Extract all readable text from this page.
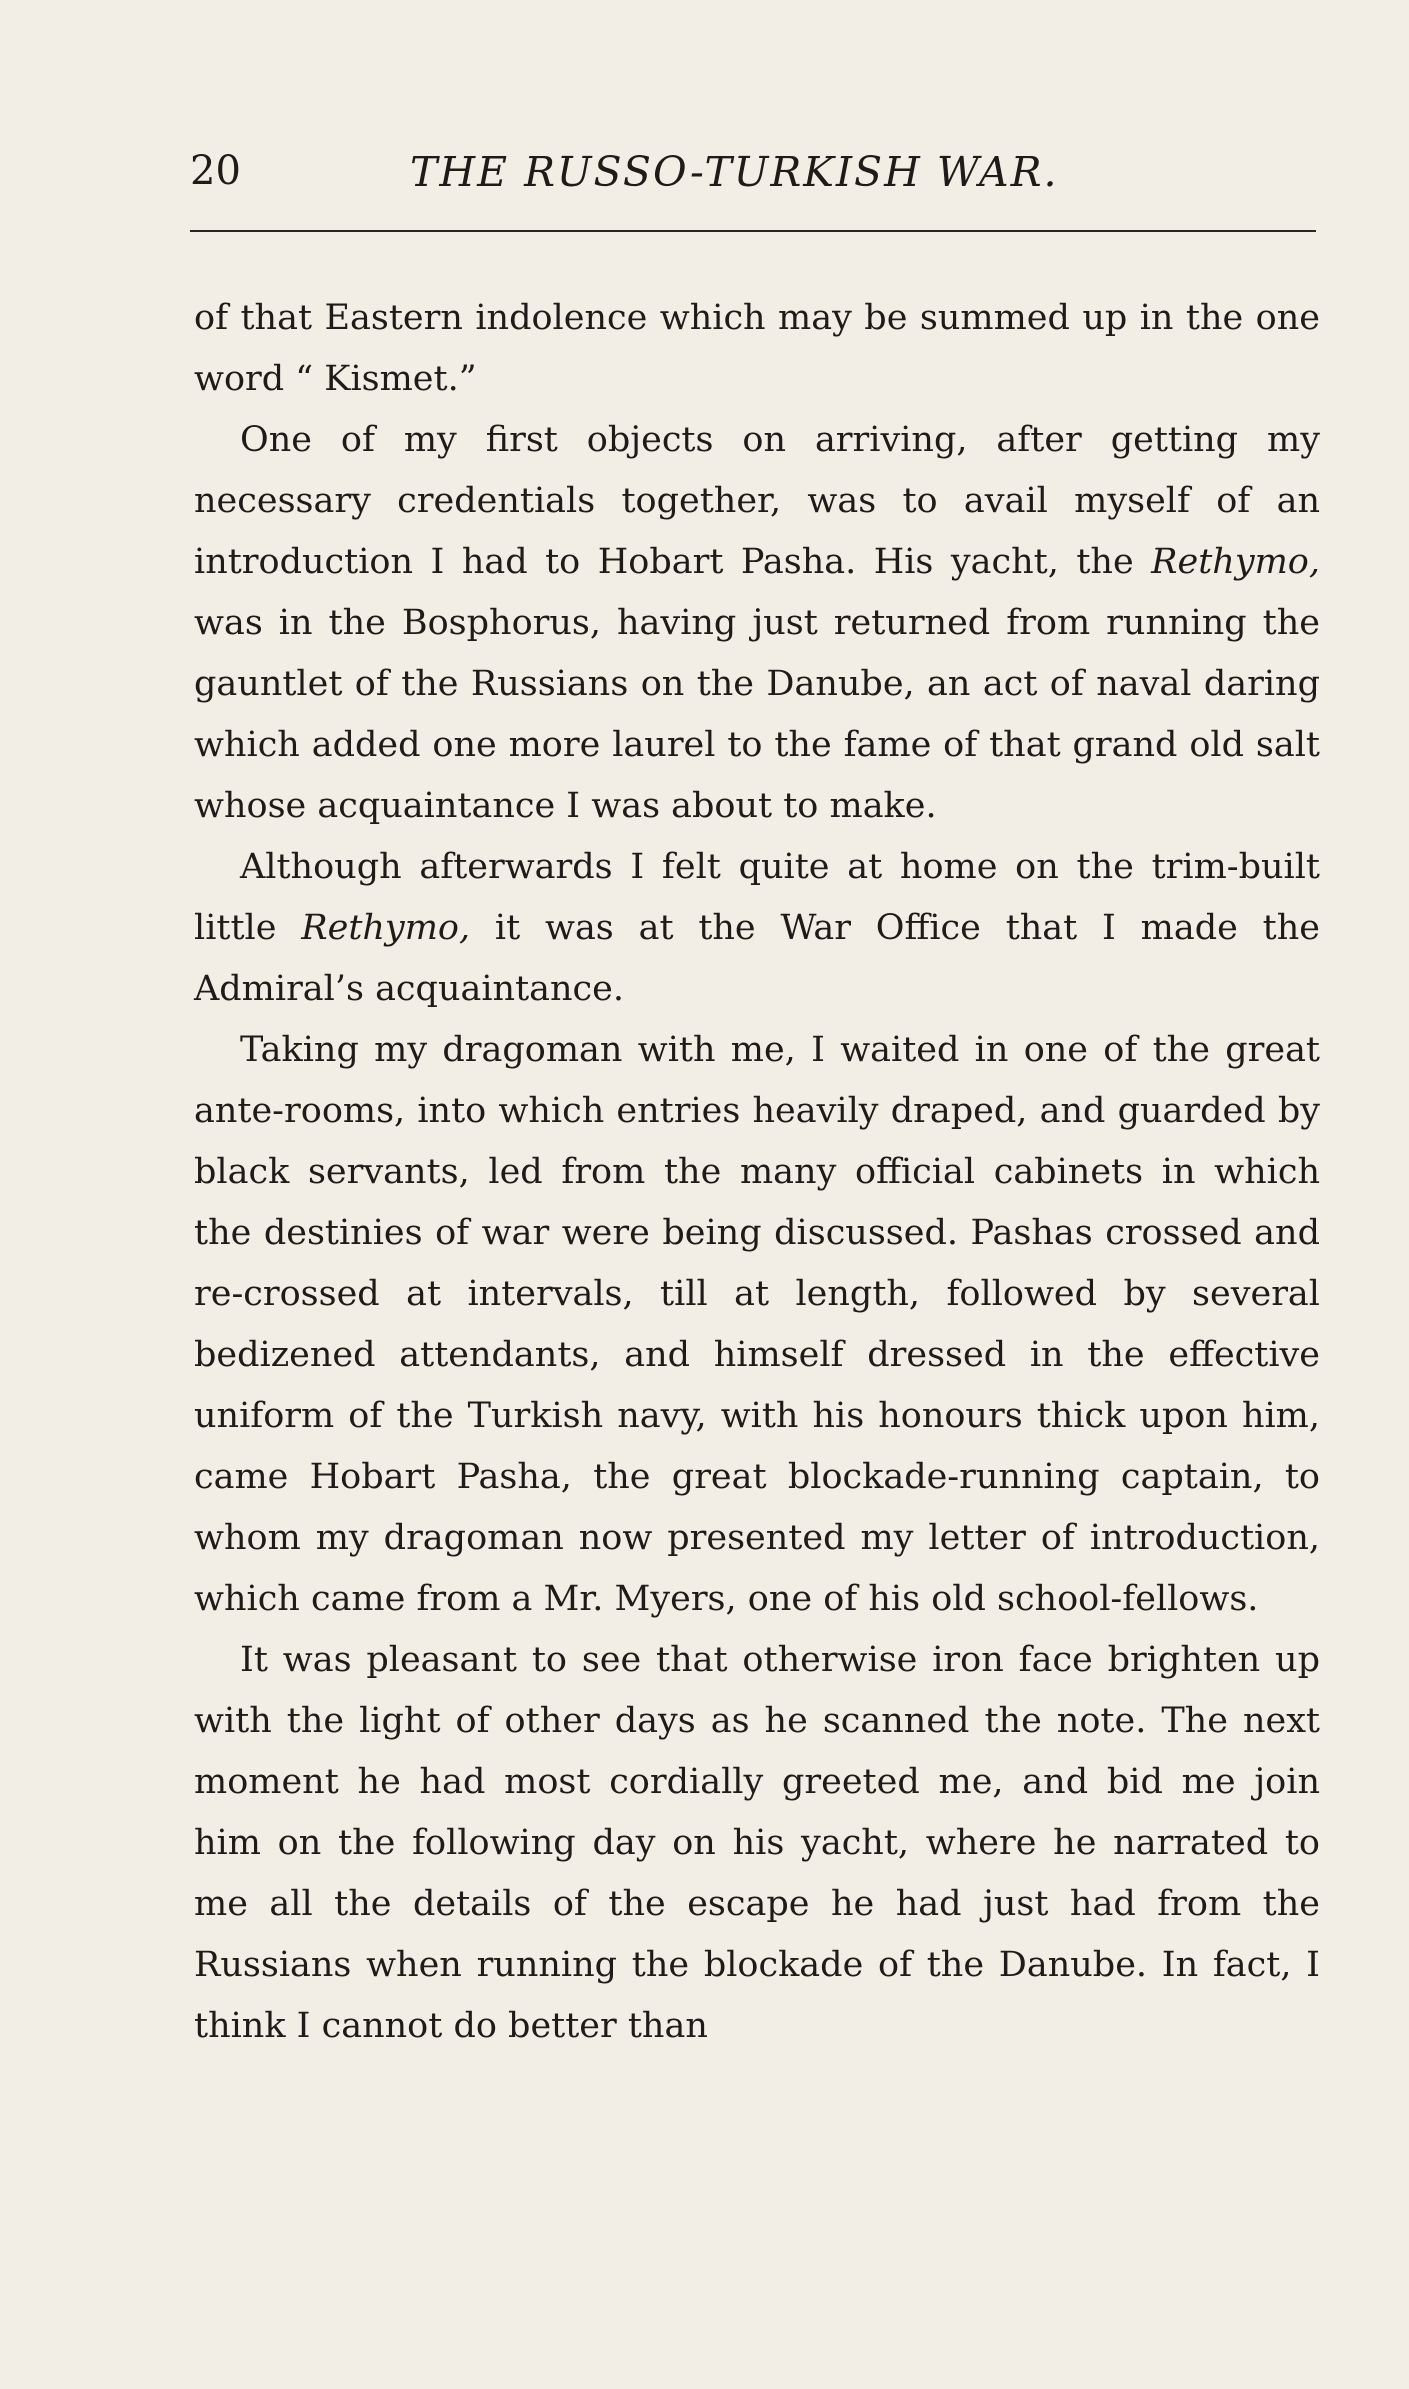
20	THE RUSSO-TURKISH WAR.

of that Eastern indolence which may be summed up in the one word “ Kismet.”

One of my first objects on arriving, after getting my necessary credentials together, was to avail myself of an introduction I had to Hobart Pasha. His yacht, the Rethymo, was in the Bosphorus, having just returned from running the gauntlet of the Russians on the Danube, an act of naval daring which added one more laurel to the fame of that grand old salt whose acquaintance I was about to make.

Although afterwards I felt quite at home on the trim-built little Rethymo, it was at the War Office that I made the Admiral’s acquaintance.

Taking my dragoman with me, I waited in one of the great ante-rooms, into which entries heavily draped, and guarded by black servants, led from the many official cabinets in which the destinies of war were being discussed. Pashas crossed and re-crossed at intervals, till at length, followed by several bedizened attendants, and himself dressed in the effective uniform of the Turkish navy, with his honours thick upon him, came Hobart Pasha, the great blockade-running captain, to whom my dragoman now presented my letter of introduction, which came from a Mr. Myers, one of his old school-fellows.

It was pleasant to see that otherwise iron face brighten up with the light of other days as he scanned the note. The next moment he had most cordially greeted me, and bid me join him on the following day on his yacht, where he narrated to me all the details of the escape he had just had from the Russians when running the blockade of the Danube. In fact, I think I cannot do better than
